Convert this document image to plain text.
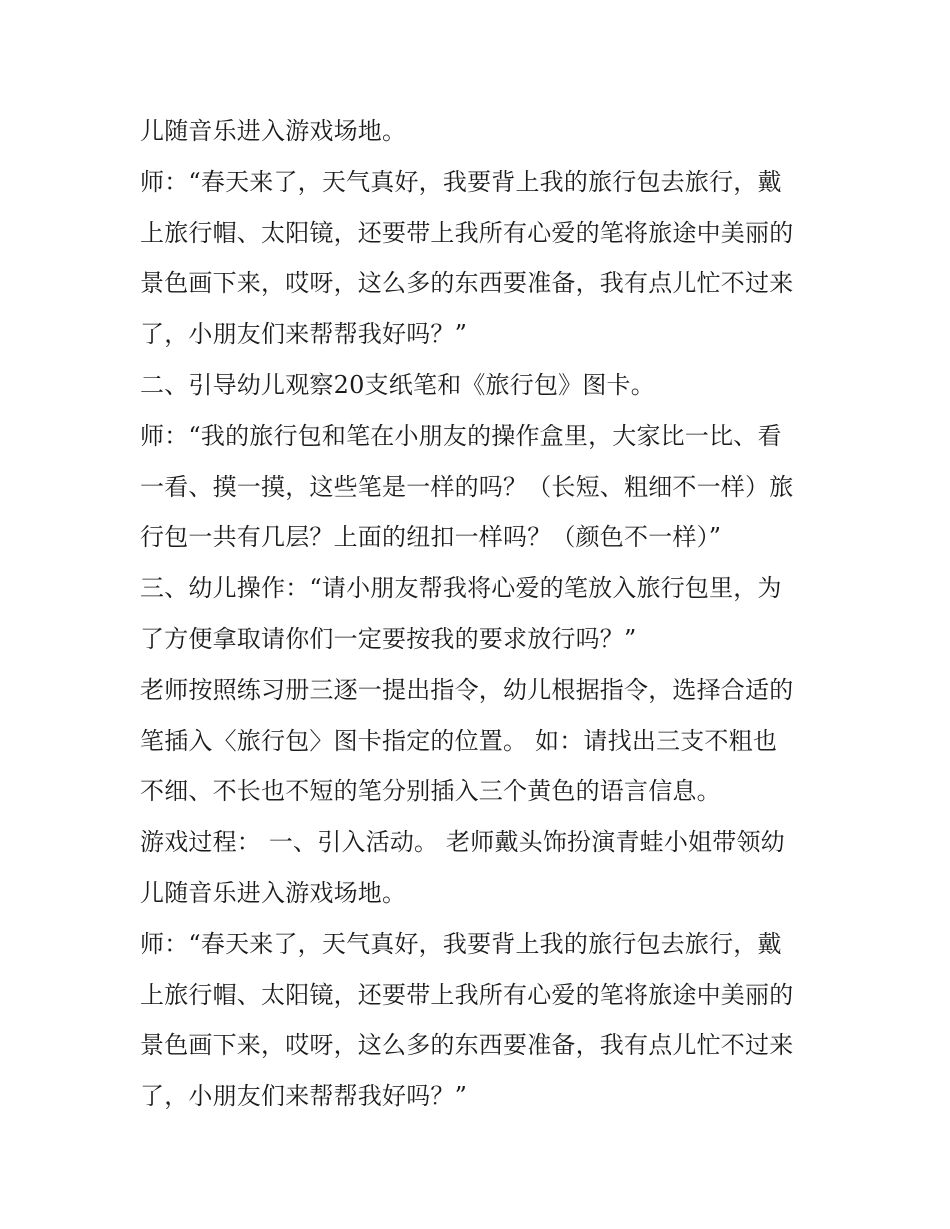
儿随音乐进入游戏场地。
师：“春天来了，天气真好，我要背上我的旅行包去旅行，戴
上旅行帽、太阳镜，还要带上我所有心爱的笔将旅途中美丽的
景色画下来，哎呀，这么多的东西要准备，我有点儿忙不过来
了，小朋友们来帮帮我好吗？”
二、引导幼儿观察20支纸笔和《旅行包》图卡。
师：“我的旅行包和笔在小朋友的操作盒里，大家比一比、看
一看、摸一摸，这些笔是一样的吗？（长短、粗细不一样）旅
行包一共有几层？上面的纽扣一样吗？（颜色不一样）”
三、幼儿操作：“请小朋友帮我将心爱的笔放入旅行包里，为
了方便拿取请你们一定要按我的要求放行吗？”
老师按照练习册三逐一提出指令，幼儿根据指令，选择合适的
笔插入〈旅行包〉图卡指定的位置。 如：请找出三支不粗也
不细、不长也不短的笔分别插入三个黄色的语言信息。
游戏过程： 一、引入活动。 老师戴头饰扮演青蛙小姐带领幼
儿随音乐进入游戏场地。
师：“春天来了，天气真好，我要背上我的旅行包去旅行，戴
上旅行帽、太阳镜，还要带上我所有心爱的笔将旅途中美丽的
景色画下来，哎呀，这么多的东西要准备，我有点儿忙不过来
了，小朋友们来帮帮我好吗？”
